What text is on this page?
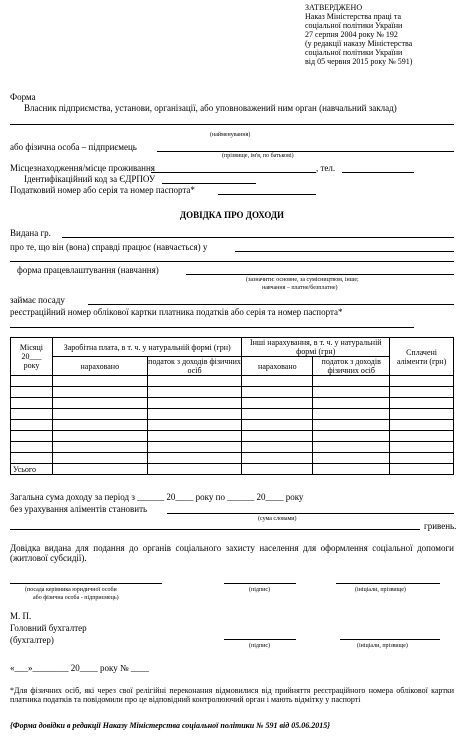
ЗАТВЕРДЖЕНО
Наказ Міністерства праці та
соціальної політики України
27 серпня 2004 року № 192
(у редакції наказу Міністерства
соціальної політики України
від 05 червня 2015 року № 591)
Форма
Власник підприємства, установи, організації, або уповноважений ним орган (навчальний заклад)
(найменування)
або фізична особа – підприємець
(прізвище, ім'я, по батькові)
Місцезнаходження/місце проживання	, тел.
Ідентифікаційний код за ЄДРПОУ
Податковий номер або серія та номер паспорта*
ДОВІДКА ПРО ДОХОДИ
Видана гр.
про те, що він (вона) справді працює (навчається) у
форма працевлаштування (навчання)
(зазначити: основне, за сумісництвом, інше;
навчання – платне/безплатне)
займає посаду
реєстраційний номер облікової картки платника податків або серія та номер паспорта*
Місяці
20___
року	Заробітна плата, в т. ч. у натуральній формі (грн)		Інші нарахування, в т. ч. у натуральній формі (грн)		Сплачені аліменти (грн)
	нараховано	податок з доходів фізичних осіб	нараховано	податок з доходів фізичних осіб	

Усього					
Загальна сума доходу за період з ______ 20____ року по ______ 20____ року
без урахування аліментів становить
(сума словами)
гривень.
Довідка видана для подання до органів соціального захисту населення для оформлення соціальної допомоги (житлової субсидії).
(посада керівника юридичної особи
або фізична особа - підприємець)
(підпис)	(ініціали, прізвище)
М. П.
Головний бухгалтер
(бухгалтер)
(підпис)	(ініціали, прізвище)
«___»________ 20____ року № ____
*Для фізичних осіб, які через свої релігійні переконання відмовилися від прийняття реєстраційного номера облікової картки платника податків та повідомили про це відповідний контролюючий орган і мають відмітку у паспорті
{Форма довідки в редакції Наказу Міністерства соціальної політики № 591 від 05.06.2015}
